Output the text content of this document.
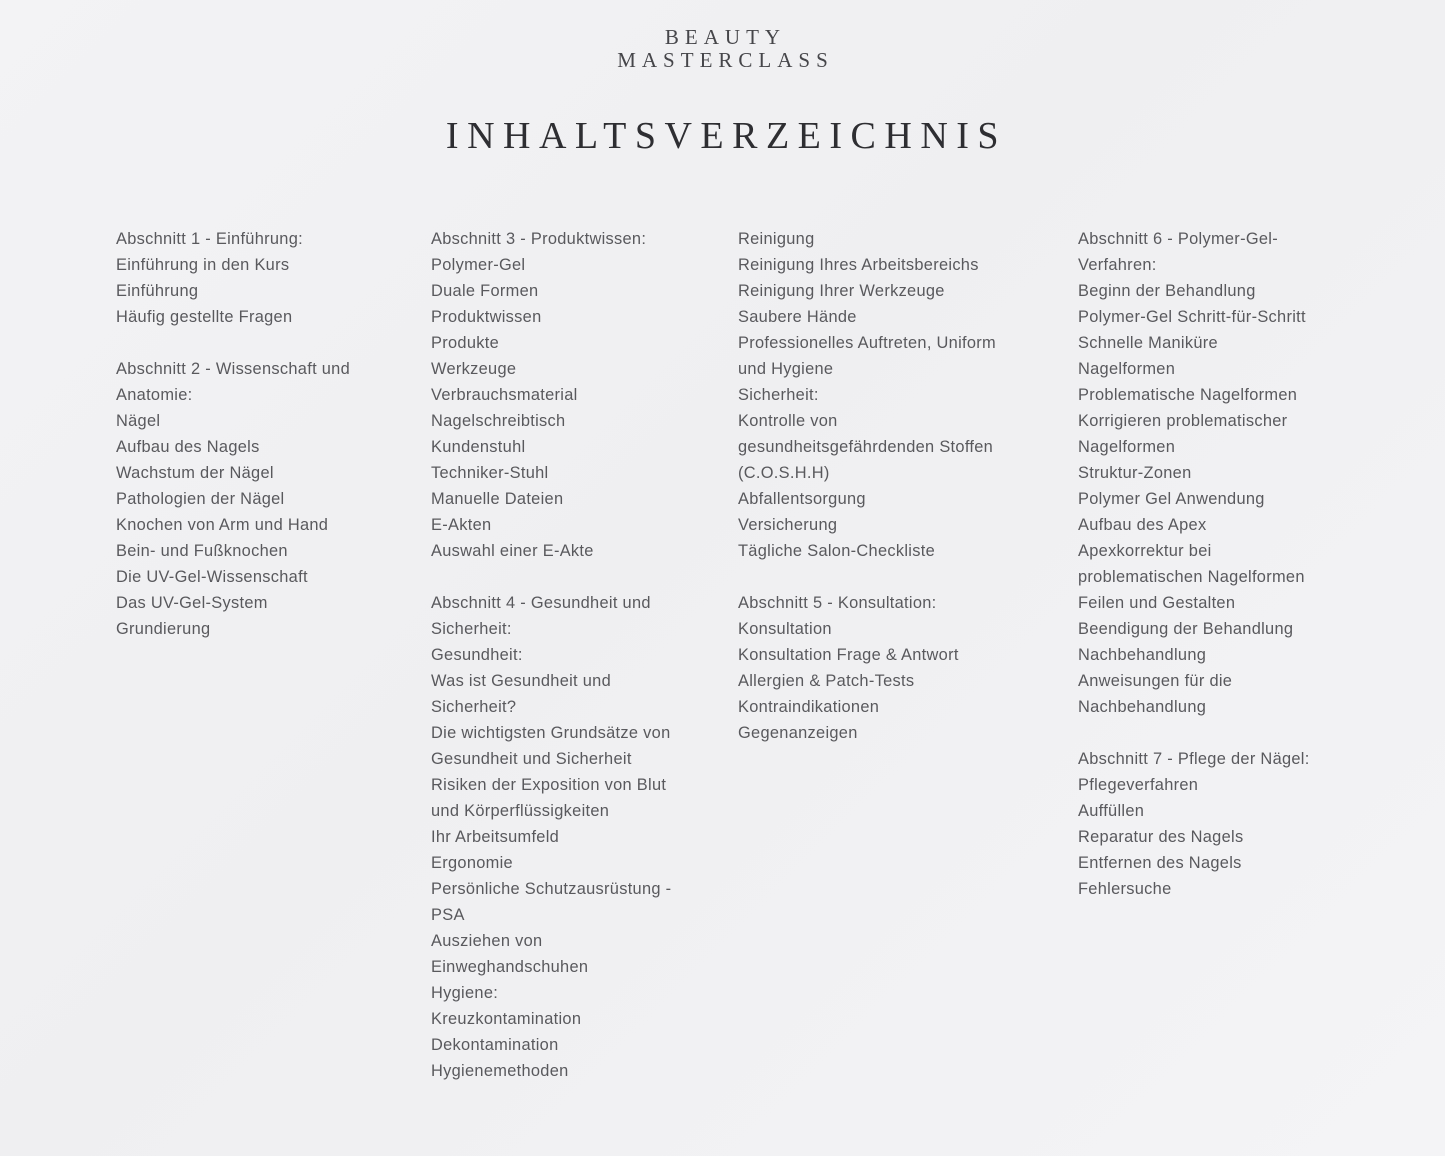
BEAUTY
MASTERCLASS
INHALTSVERZEICHNIS
Abschnitt 1 - Einführung:
Einführung in den Kurs
Einführung
Häufig gestellte Fragen
Abschnitt 2 - Wissenschaft und
Anatomie:
Nägel
Aufbau des Nagels
Wachstum der Nägel
Pathologien der Nägel
Knochen von Arm und Hand
Bein- und Fußknochen
Die UV-Gel-Wissenschaft
Das UV-Gel-System
Grundierung
Abschnitt 3 - Produktwissen:
Polymer-Gel
Duale Formen
Produktwissen
Produkte
Werkzeuge
Verbrauchsmaterial
Nagelschreibtisch
Kundenstuhl
Techniker-Stuhl
Manuelle Dateien
E-Akten
Auswahl einer E-Akte
Abschnitt 4 - Gesundheit und
Sicherheit:
Gesundheit:
Was ist Gesundheit und
Sicherheit?
Die wichtigsten Grundsätze von
Gesundheit und Sicherheit
Risiken der Exposition von Blut
und Körperflüssigkeiten
Ihr Arbeitsumfeld
Ergonomie
Persönliche Schutzausrüstung -
PSA
Ausziehen von
Einweghandschuhen
Hygiene:
Kreuzkontamination
Dekontamination
Hygienemethoden
Reinigung
Reinigung Ihres Arbeitsbereichs
Reinigung Ihrer Werkzeuge
Saubere Hände
Professionelles Auftreten, Uniform
und Hygiene
Sicherheit:
Kontrolle von
gesundheitsgefährdenden Stoffen
(C.O.S.H.H)
Abfallentsorgung
Versicherung
Tägliche Salon-Checkliste
Abschnitt 5 - Konsultation:
Konsultation
Konsultation Frage & Antwort
Allergien & Patch-Tests
Kontraindikationen
Gegenanzeigen
Abschnitt 6 - Polymer-Gel-
Verfahren:
Beginn der Behandlung
Polymer-Gel Schritt-für-Schritt
Schnelle Maniküre
Nagelformen
Problematische Nagelformen
Korrigieren problematischer
Nagelformen
Struktur-Zonen
Polymer Gel Anwendung
Aufbau des Apex
Apexkorrektur bei
problematischen Nagelformen
Feilen und Gestalten
Beendigung der Behandlung
Nachbehandlung
Anweisungen für die
Nachbehandlung
Abschnitt 7 - Pflege der Nägel:
Pflegeverfahren
Auffüllen
Reparatur des Nagels
Entfernen des Nagels
Fehlersuche
